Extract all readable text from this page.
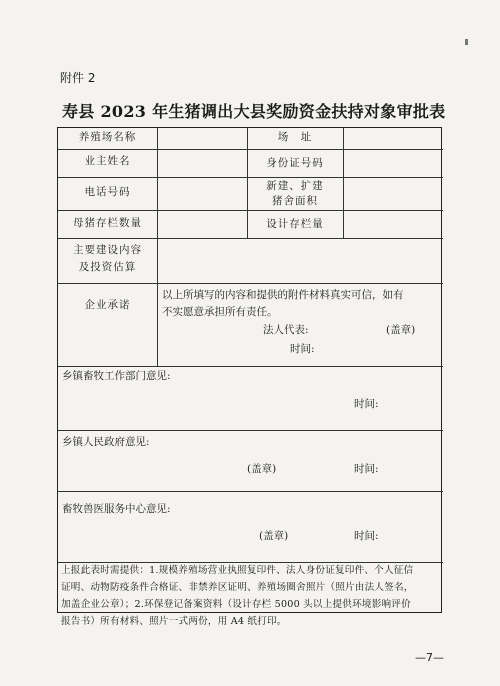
附件 2
寿县 2023 年生猪调出大县奖励资金扶持对象审批表
养殖场名称	场　址
业主姓名	身份证号码
电话号码	新建、扩建
猪舍面积
母猪存栏数量	设计存栏量
主要建设内容
及投资估算
企业承诺
以上所填写的内容和提供的附件材料真实可信，如有
不实愿意承担所有责任。
法人代表:	(盖章)
时间:
乡镇畜牧工作部门意见:
时间:
乡镇人民政府意见:
(盖章)	时间:
畜牧兽医服务中心意见:
(盖章)	时间:
上报此表时需提供：1.规模养殖场营业执照复印件、法人身份证复印件、个人征信
证明、动物防疫条件合格证、非禁养区证明、养殖场圈舍照片（照片由法人签名，
加盖企业公章）；2.环保登记备案资料（设计存栏 5000 头以上提供环境影响评价
报告书）所有材料、照片一式两份，用 A4 纸打印。
—7—
